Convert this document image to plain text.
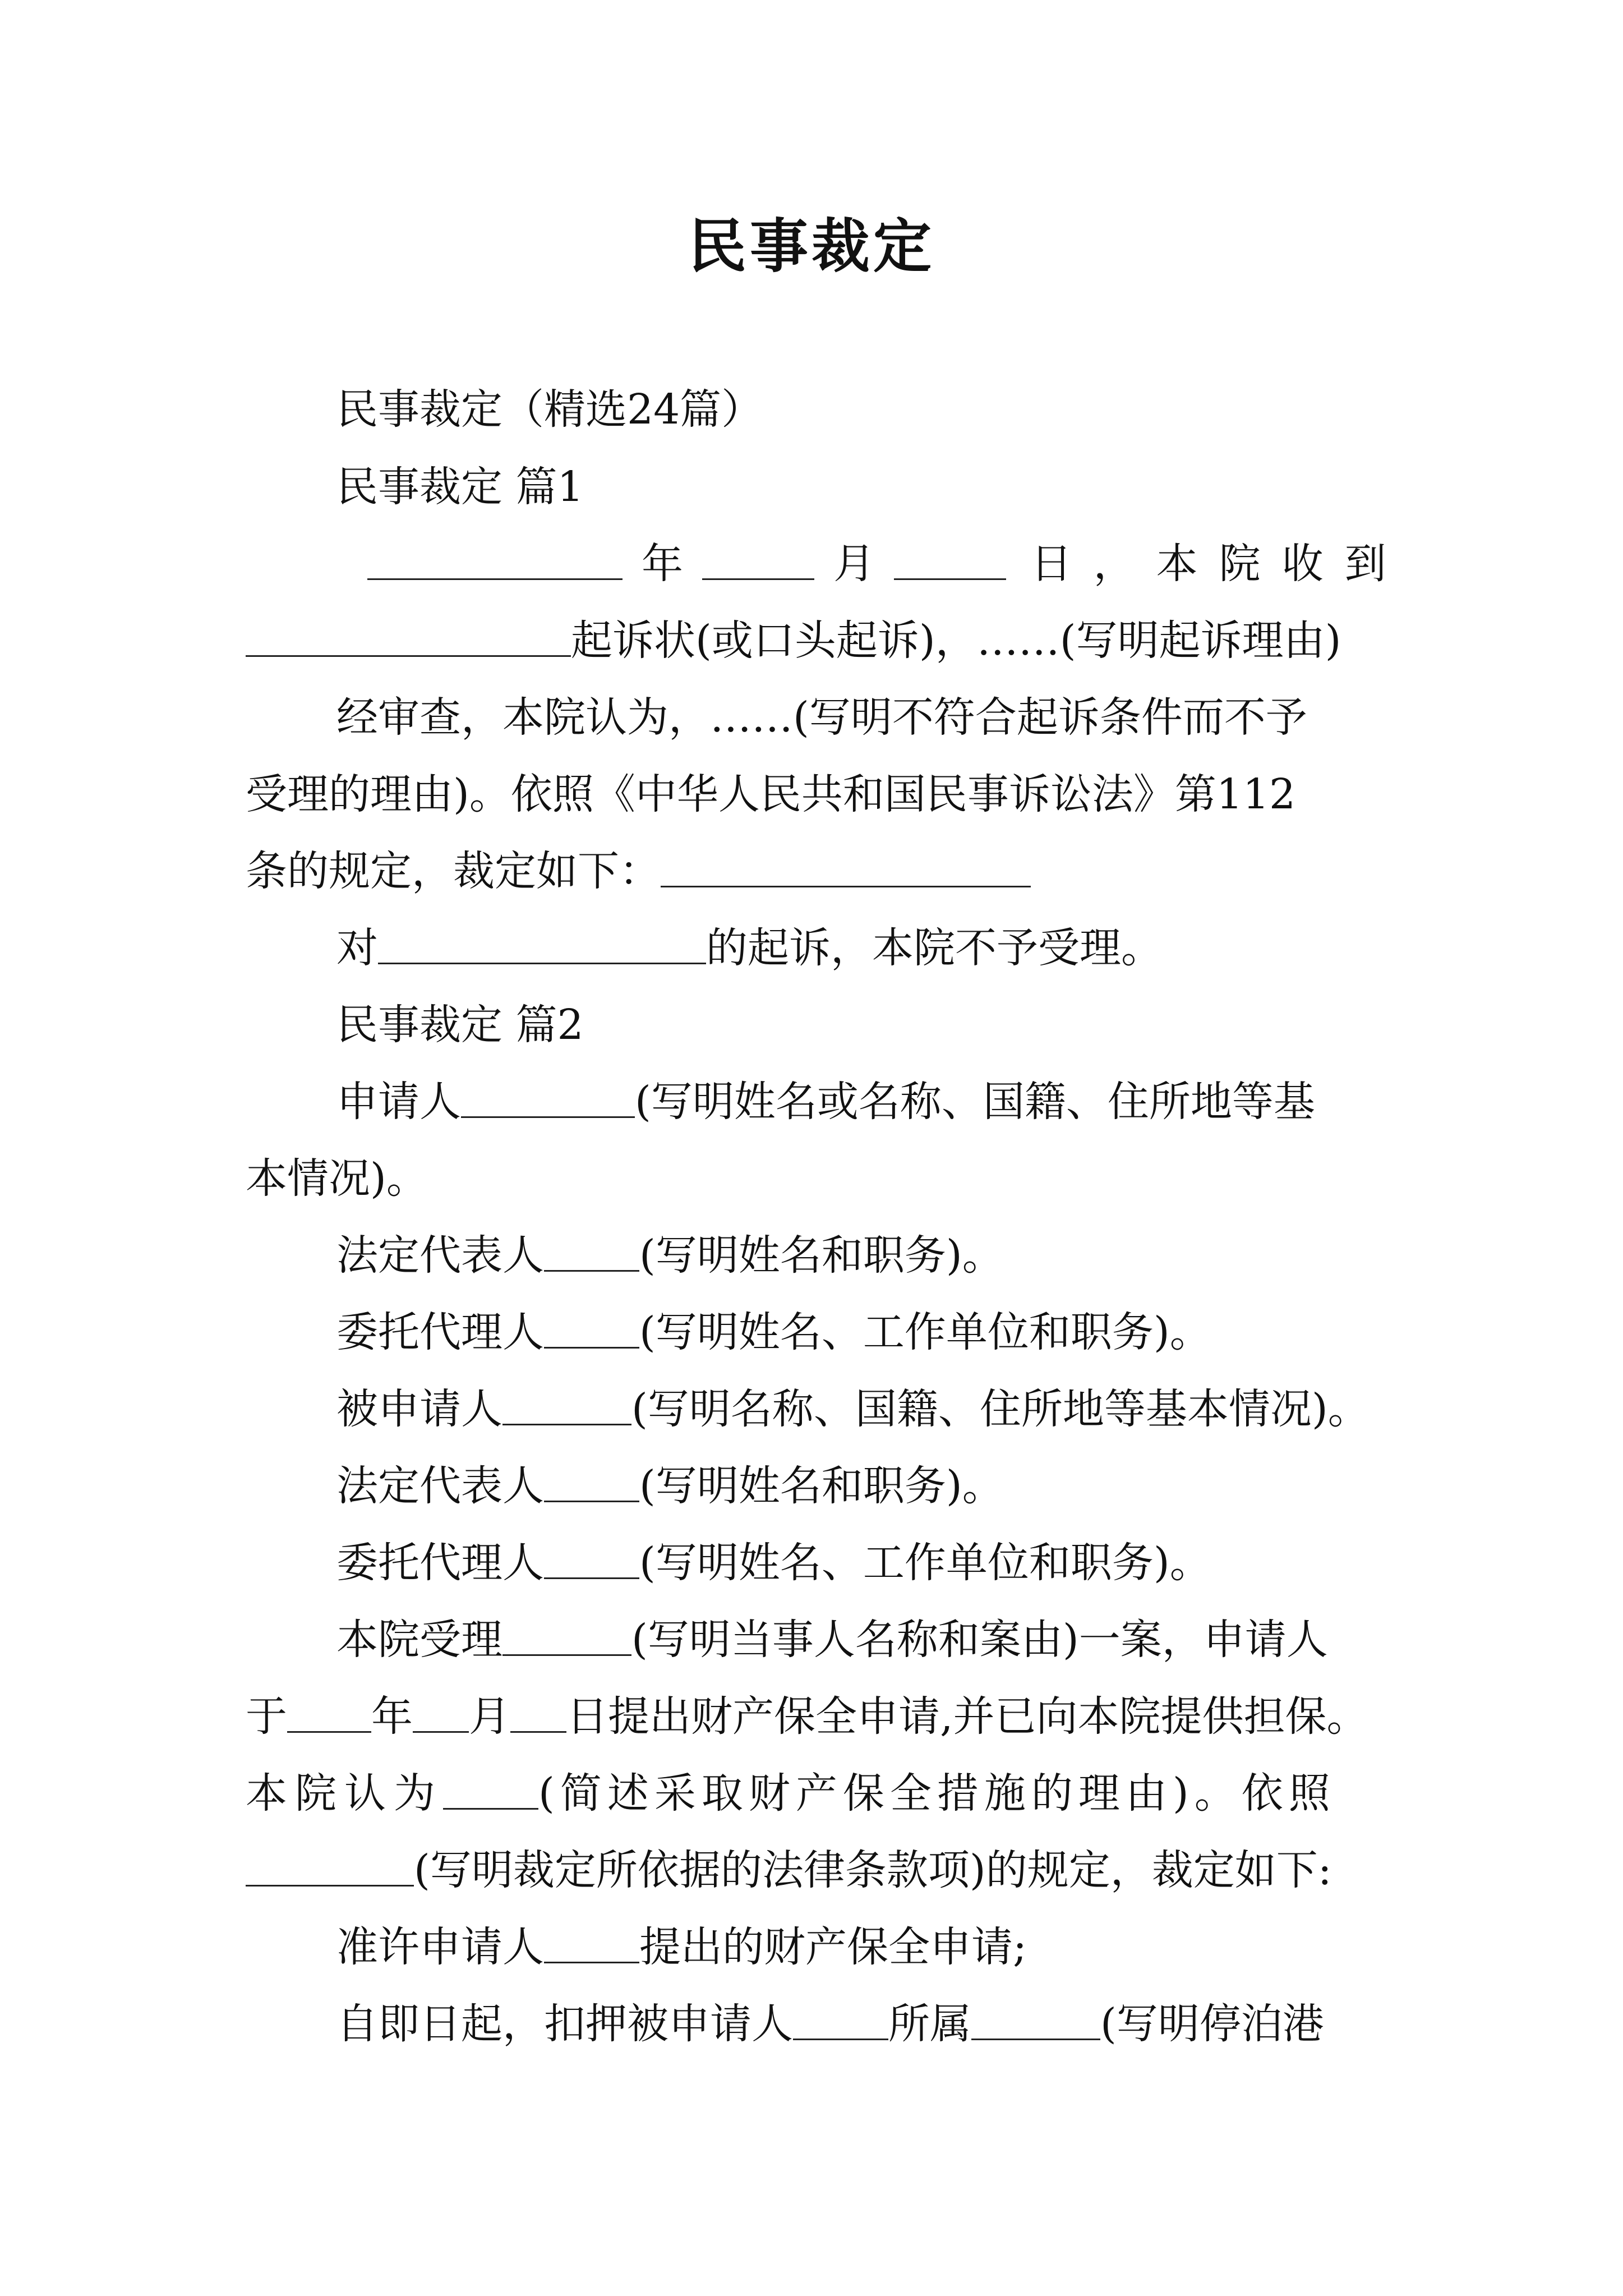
民事裁定
民事裁定（精选24篇）
民事裁定 篇1
年	月	日，本院收到
起诉状(或口头起诉)，……(写明起诉理由)
经审查，本院认为，……(写明不符合起诉条件而不予
受理的理由)。依照《中华人民共和国民事诉讼法》第112
条的规定，裁定如下：
对	的起诉，本院不予受理。
民事裁定 篇2
申请人	(写明姓名或名称、国籍、住所地等基
本情况)。
法定代表人 (写明姓名和职务)。
委托代理人 (写明姓名、工作单位和职务)。
被申请人	(写明名称、国籍、住所地等基本情况)。
法定代表人 (写明姓名和职务)。
委托代理人 (写明姓名、工作单位和职务)。
本院受理	(写明当事人名称和案由)一案，申请人
于 年 月 日提出财产保全申请,并已向本院提供担保。
本院认为 (简述采取财产保全措施的理由)。依照
(写明裁定所依据的法律条款项)的规定，裁定如下:
准许申请人 提出的财产保全申请;
自即日起，扣押被申请人 所属	(写明停泊港
